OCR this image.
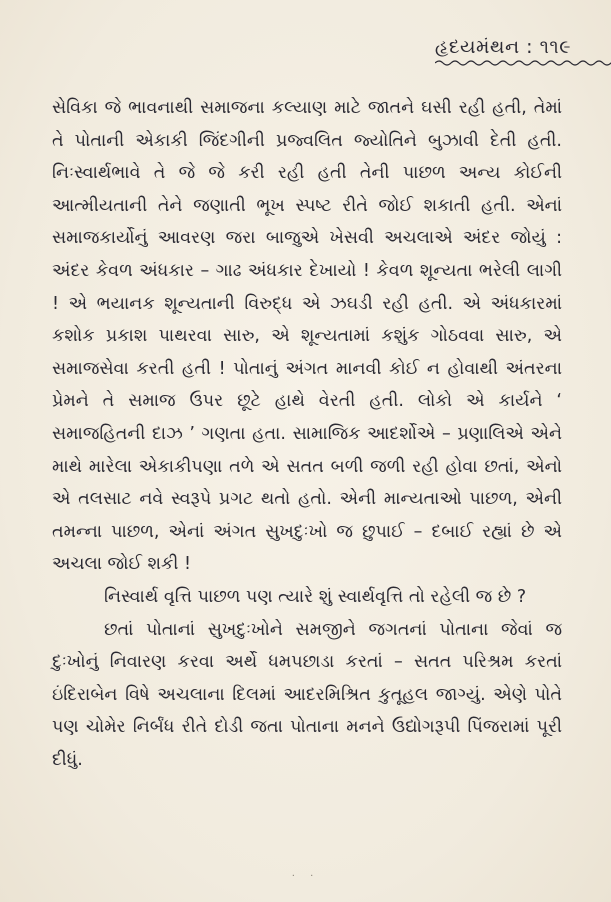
હૃદયમંથન : ૧૧૯

સેવિકા જે ભાવનાથી સમાજના કલ્યાણ માટે જાતને ઘસી રહી હતી, તેમાં તે પોતાની એકાકી જિંદગીની પ્રજ્વલિત જ્યોતિને બુઝાવી દેતી હતી. નિઃસ્વાર્થભાવે તે જે જે કરી રહી હતી તેની પાછળ અન્ય કોઈની આત્મીયતાની તેને જણાતી ભૂખ સ્પષ્ટ રીતે જોઈ શકાતી હતી. એનાં સમાજકાર્યોનું આવરણ જરા બાજુએ ખેસવી અચલાએ અંદર જોયું : અંદર કેવળ અંધકાર – ગાઢ અંધકાર દેખાયો ! કેવળ શૂન્યતા ભરેલી લાગી ! એ ભયાનક શૂન્યતાની વિરુદ્ધ એ ઝઘડી રહી હતી. એ અંધકારમાં કશોક પ્રકાશ પાથરવા સારુ, એ શૂન્યતામાં કશુંક ગોઠવવા સારુ, એ સમાજસેવા કરતી હતી ! પોતાનું અંગત માનવી કોઈ ન હોવાથી અંતરના પ્રેમને તે સમાજ ઉપર છૂટે હાથે વેરતી હતી. લોકો એ કાર્યને ‘ સમાજહિતની દાઝ ’ ગણતા હતા. સામાજિક આદર્શોએ – પ્રણાલિએ એને માથે મારેલા એકાકીપણા તળે એ સતત બળી જળી રહી હોવા છતાં, એનો એ તલસાટ નવે સ્વરૂપે પ્રગટ થતો હતો. એની માન્યતાઓ પાછળ, એની તમન્ના પાછળ, એનાં અંગત સુખદુઃખો જ છુપાઈ – દબાઈ રહ્યાં છે એ અચલા જોઈ શકી !

નિસ્વાર્થ વૃત્તિ પાછળ પણ ત્યારે શું સ્વાર્થવૃત્તિ તો રહેલી જ છે ?

છતાં પોતાનાં સુખદુઃખોને સમજીને જગતનાં પોતાના જેવાં જ દુઃખોનું નિવારણ કરવા અર્થે ધમપછાડા કરતાં – સતત પરિશ્રમ કરતાં ઇંદિરાબેન વિષે અચલાના દિલમાં આદરમિશ્રિત કુતૂહલ જાગ્યું. એણે પોતે પણ ચોમેર નિર્બંધ રીતે દોડી જતા પોતાના મનને ઉદ્યોગરૂપી પિંજરામાં પૂરી દીધું.

· ·
